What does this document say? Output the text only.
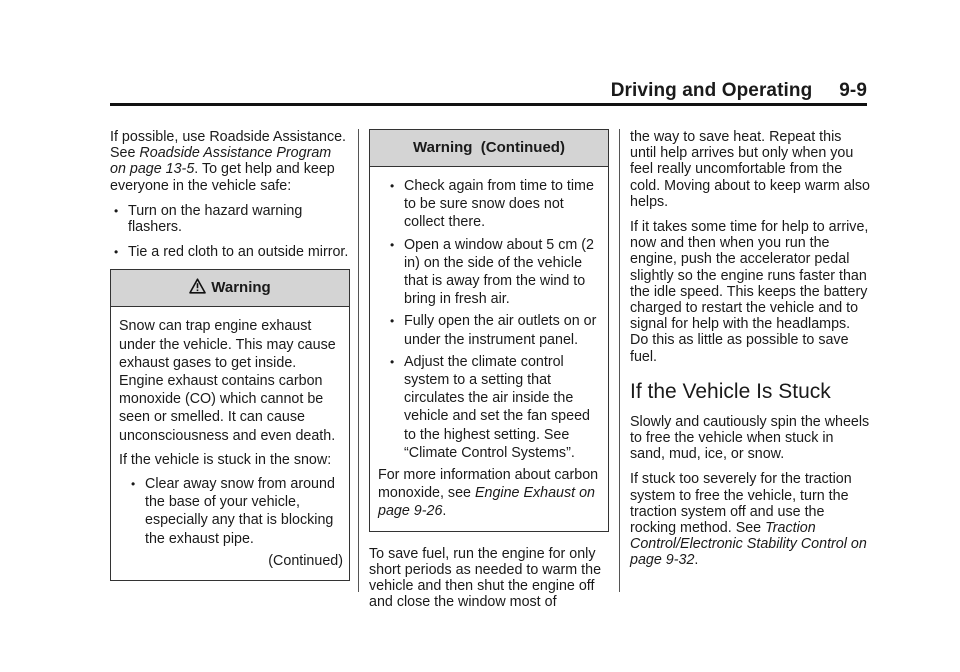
Driving and Operating 9-9

If possible, use Roadside Assistance. See Roadside Assistance Program on page 13-5. To get help and keep everyone in the vehicle safe:

• Turn on the hazard warning flashers.
• Tie a red cloth to an outside mirror.
Warning

Snow can trap engine exhaust under the vehicle. This may cause exhaust gases to get inside. Engine exhaust contains carbon monoxide (CO) which cannot be seen or smelled. It can cause unconsciousness and even death.

If the vehicle is stuck in the snow:

• Clear away snow from around the base of your vehicle, especially any that is blocking the exhaust pipe.

(Continued)

Warning  (Continued)
• Check again from time to time to be sure snow does not collect there.
• Open a window about 5 cm (2 in) on the side of the vehicle that is away from the wind to bring in fresh air.
• Fully open the air outlets on or under the instrument panel.
• Adjust the climate control system to a setting that circulates the air inside the vehicle and set the fan speed to the highest setting. See “Climate Control Systems”.

For more information about carbon monoxide, see Engine Exhaust on page 9-26.

To save fuel, run the engine for only short periods as needed to warm the vehicle and then shut the engine off and close the window most of

the way to save heat. Repeat this until help arrives but only when you feel really uncomfortable from the cold. Moving about to keep warm also helps.

If it takes some time for help to arrive, now and then when you run the engine, push the accelerator pedal slightly so the engine runs faster than the idle speed. This keeps the battery charged to restart the vehicle and to signal for help with the headlamps. Do this as little as possible to save fuel.

If the Vehicle Is Stuck

Slowly and cautiously spin the wheels to free the vehicle when stuck in sand, mud, ice, or snow.

If stuck too severely for the traction system to free the vehicle, turn the traction system off and use the rocking method. See Traction Control/Electronic Stability Control on page 9-32.
